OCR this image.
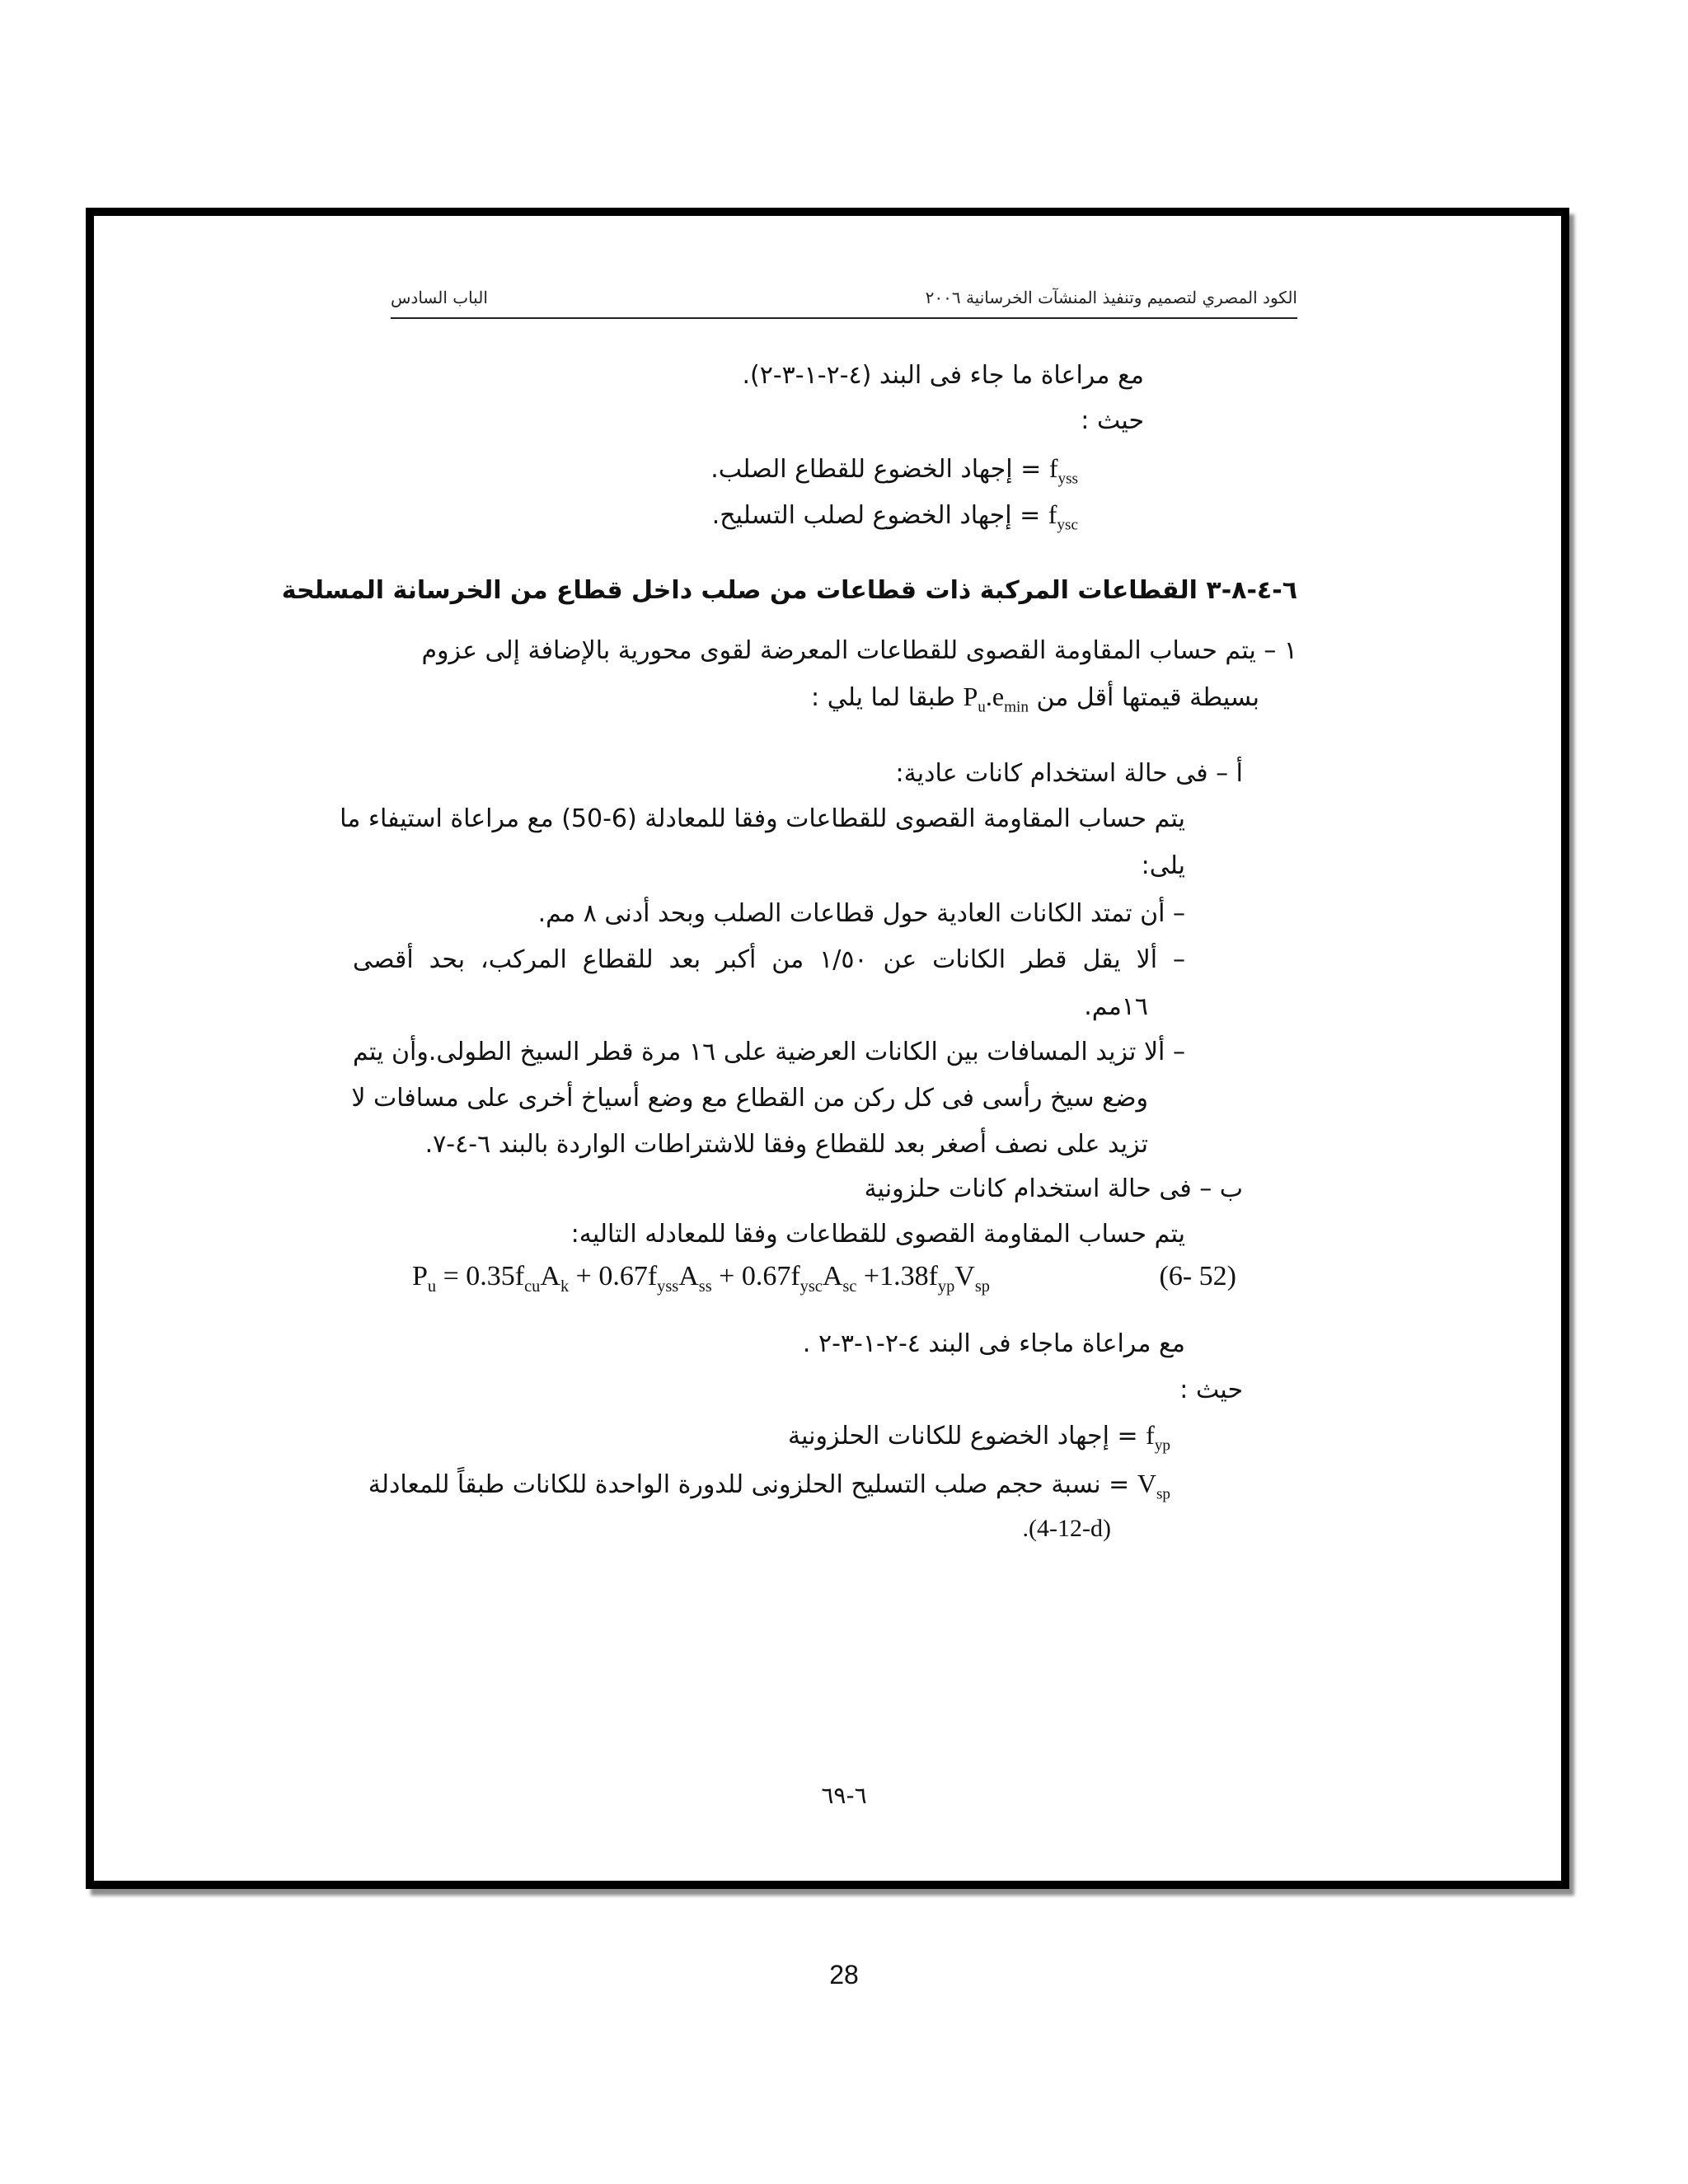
الكود المصري لتصميم وتنفيذ المنشآت الخرسانية ٢٠٠٦
الباب السادس
مع مراعاة ما جاء فى البند (٤-٢-١-٣-٢).
حيث :
$f_{yss}$ = إجهاد الخضوع للقطاع الصلب.
$f_{ysc}$ = إجهاد الخضوع لصلب التسليح.
٦-٤-٨-٣ القطاعات المركبة ذات قطاعات من صلب داخل قطاع من الخرسانة المسلحة
١ – يتم حساب المقاومة القصوى للقطاعات المعرضة لقوى محورية بالإضافة إلى عزوم
بسيطة قيمتها أقل من $P_u.e_{min}$ طبقا لما يلي :
أ – فى حالة استخدام كانات عادية:
يتم حساب المقاومة القصوى للقطاعات وفقا للمعادلة (6-50) مع مراعاة استيفاء ما
يلى:
– أن تمتد الكانات العادية حول قطاعات الصلب وبحد أدنى ٨ مم.
– ألا يقل قطر الكانات عن ١/٥٠ من أكبر بعد للقطاع المركب، بحد أقصى
١٦مم.
– ألا تزيد المسافات بين الكانات العرضية على ١٦ مرة قطر السيخ الطولى.وأن يتم
وضع سيخ رأسى فى كل ركن من القطاع مع وضع أسياخ أخرى على مسافات لا
تزيد على نصف أصغر بعد للقطاع وفقا للاشتراطات الواردة بالبند ٦-٤-٧.
ب – فى حالة استخدام كانات حلزونية
يتم حساب المقاومة القصوى للقطاعات وفقا للمعادله التاليه:
$P_u = 0.35f_{cu}A_k + 0.67f_{yss}A_{ss} + 0.67f_{ysc}A_{sc} +1.38f_{yp}V_{sp}$	(6- 52)
مع مراعاة ماجاء فى البند ٤-٢-١-٣-٢ .
حيث :
$f_{yp}$ = إجهاد الخضوع للكانات الحلزونية
$V_{sp}$ = نسبة حجم صلب التسليح الحلزونى للدورة الواحدة للكانات طبقاً للمعادلة
.(4-12-d)
٦-٦٩
28
